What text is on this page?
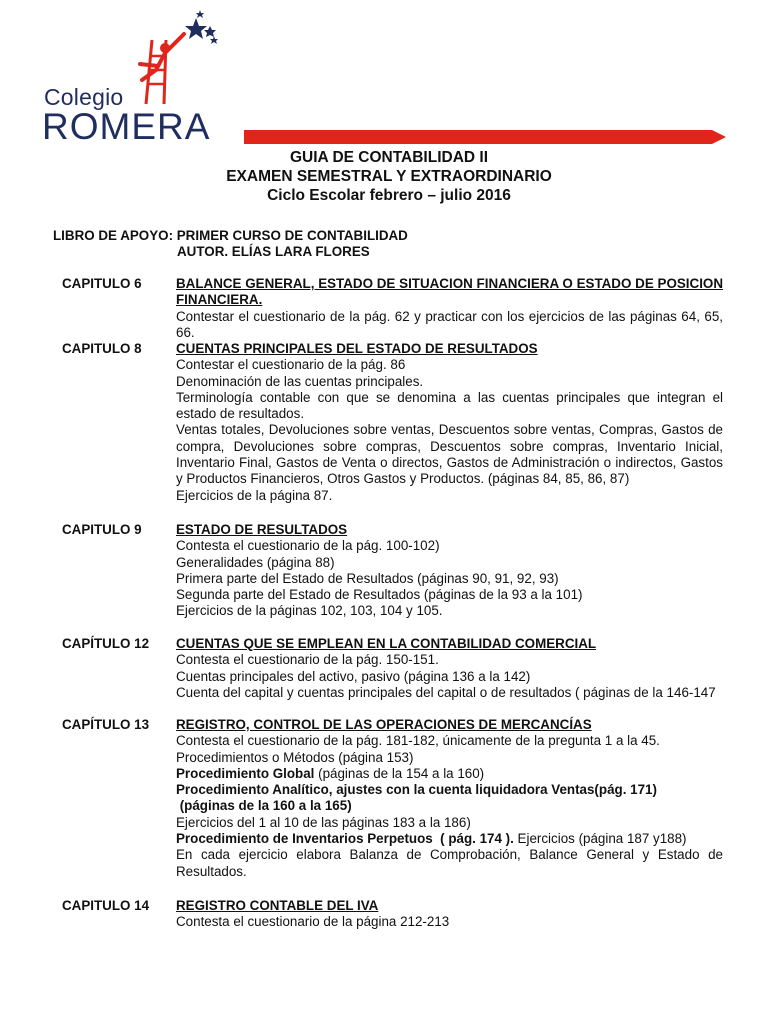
Colegio
ROMERA
GUIA DE CONTABILIDAD II
EXAMEN SEMESTRAL Y EXTRAORDINARIO
Ciclo Escolar febrero – julio 2016
LIBRO DE APOYO: PRIMER CURSO DE CONTABILIDAD
AUTOR. ELÍAS LARA FLORES
CAPITULO 6	BALANCE GENERAL, ESTADO DE SITUACION FINANCIERA O ESTADO DE POSICION FINANCIERA.
Contestar el cuestionario de la pág. 62 y practicar con los ejercicios de las páginas 64, 65, 66.
CAPITULO 8	CUENTAS PRINCIPALES DEL ESTADO DE RESULTADOS
Contestar el cuestionario de la pág. 86
Denominación de las cuentas principales.
Terminología contable con que se denomina a las cuentas principales que integran el estado de resultados.
Ventas totales, Devoluciones sobre ventas, Descuentos sobre ventas, Compras, Gastos de compra, Devoluciones sobre compras, Descuentos sobre compras, Inventario Inicial, Inventario Final, Gastos de Venta o directos, Gastos de Administración o indirectos, Gastos y Productos Financieros, Otros Gastos y Productos. (páginas 84, 85, 86, 87)
Ejercicios de la página 87.
CAPITULO 9	ESTADO DE RESULTADOS
Contesta el cuestionario de la pág. 100-102)
Generalidades (página 88)
Primera parte del Estado de Resultados (páginas 90, 91, 92, 93)
Segunda parte del Estado de Resultados (páginas de la 93 a la 101)
Ejercicios de la páginas 102, 103, 104 y 105.
CAPÍTULO 12 CUENTAS QUE SE EMPLEAN EN LA CONTABILIDAD COMERCIAL
Contesta el cuestionario de la pág. 150-151.
Cuentas principales del activo, pasivo (página 136 a la 142)
Cuenta del capital y cuentas principales del capital o de resultados ( páginas de la 146-147
CAPÍTULO 13 REGISTRO, CONTROL DE LAS OPERACIONES DE MERCANCÍAS
Contesta el cuestionario de la pág. 181-182, únicamente de la pregunta 1 a la 45.
Procedimientos o Métodos (página 153)
Procedimiento Global (páginas de la 154 a la 160)
Procedimiento Analítico, ajustes con la cuenta liquidadora Ventas(pág. 171)
(páginas de la 160 a la 165)
Ejercicios del 1 al 10 de las páginas 183 a la 186)
Procedimiento de Inventarios Perpetuos  ( pág. 174 ). Ejercicios (página 187 y188)
En cada ejercicio elabora Balanza de Comprobación, Balance General y Estado de Resultados.
CAPITULO 14 REGISTRO CONTABLE DEL IVA
Contesta el cuestionario de la página 212-213
